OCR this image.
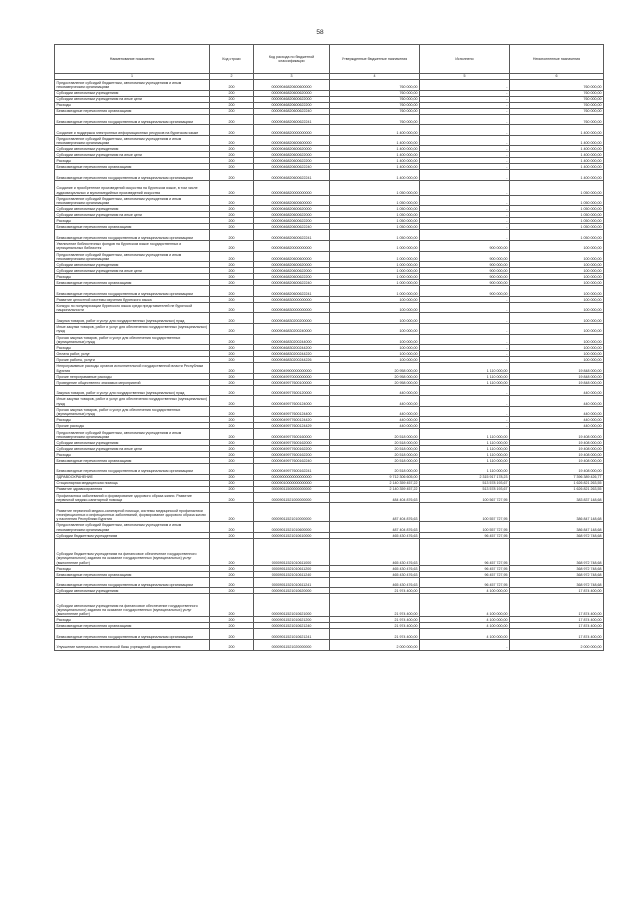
58
Наименование показателя	Код строки	Код расхода по бюджетной классификации	Утвержденные бюджетные назначения	Исполнено	Неисполненные назначения
1	2	3	4	5	6
Предоставление субсидий бюджетным, автономным учреждениям и иным некоммерческим организациям	200	00009046820600600000	760 000,00	-	760 000,00
Субсидии автономным учреждениям	200	00009046820600620000	760 000,00	-	760 000,00
Субсидии автономным учреждениям на иные цели	200	00009046820600622000	760 000,00	-	760 000,00
Расходы	200	00009046820600622200	760 000,00	-	760 000,00
Безвозмездные перечисления организациям	200	00009046820600622240	760 000,00	-	760 000,00
Безвозмездные перечисления государственным и муниципальным организациям	200	00009046820600622241	760 000,00	-	760 000,00
Создание и поддержка электронных информационных ресурсов на бурятском языке	200	00009046820000000000	1 400 000,00	-	1 400 000,00
Предоставление субсидий бюджетным, автономным учреждениям и иным некоммерческим организациям	200	00009046820600600000	1 400 000,00	-	1 400 000,00
Субсидии автономным учреждениям	200	00009046820600620000	1 400 000,00	-	1 400 000,00
Субсидии автономным учреждениям на иные цели	200	00009046820600622000	1 400 000,00	-	1 400 000,00
Расходы	200	00009046820600622200	1 400 000,00	-	1 400 000,00
Безвозмездные перечисления организациям	200	00009046820600622240	1 400 000,00	-	1 400 000,00
Безвозмездные перечисления государственным и муниципальным организациям	200	00009046820600622241	1 400 000,00	-	1 400 000,00
Создание и приобретение произведений искусства на бурятском языке, в том числе аудиовизуальных и мультимедийных произведений искусства	200	00009046820000000000	1 050 000,00	-	1 050 000,00
Предоставление субсидий бюджетным, автономным учреждениям и иным некоммерческим организациям	200	00009046820600600000	1 050 000,00	-	1 050 000,00
Субсидии автономным учреждениям	200	00009046820600620000	1 050 000,00	-	1 050 000,00
Субсидии автономным учреждениям на иные цели	200	00009046820600622000	1 050 000,00	-	1 050 000,00
Расходы	200	00009046820600622200	1 050 000,00	-	1 050 000,00
Безвозмездные перечисления организациям	200	00009046820600622240	1 050 000,00	-	1 050 000,00
Безвозмездные перечисления государственным и муниципальным организациям	200	00009046820600622241	1 050 000,00	-	1 050 000,00
Увеличение библиотечных фондов на бурятском языке государственных и муниципальных библиотек	200	00009046820000000000	1 000 000,00	900 000,00	100 000,00
Предоставление субсидий бюджетным, автономным учреждениям и иным некоммерческим организациям	200	00009046820600600000	1 000 000,00	900 000,00	100 000,00
Субсидии автономным учреждениям	200	00009046820600620000	1 000 000,00	900 000,00	100 000,00
Субсидии автономным учреждениям на иные цели	200	00009046820600622000	1 000 000,00	900 000,00	100 000,00
Расходы	200	00009046820600622200	1 000 000,00	900 000,00	100 000,00
Безвозмездные перечисления организациям	200	00009046820600622240	1 000 000,00	900 000,00	100 000,00
Безвозмездные перечисления государственным и муниципальным организациям	200	00009046820600622241	1 000 000,00	900 000,00	100 000,00
Развитие целостной системы изучения бурятского языка	200	00009046830000000000	100 000,00	-	100 000,00
Конкурс по популяризации бурятского языка среди представителей не бурятской национальности	200	00009046830000000000	100 000,00	-	100 000,00
Закупка товаров, работ и услуг для государственных (муниципальных) нужд	200	00009046830200200000	100 000,00	-	100 000,00
Иные закупки товаров, работ и услуг для обеспечения государственных (муниципальных) нужд	200	00009046830200240000	100 000,00	-	100 000,00
Прочая закупка товаров, работ и услуг для обеспечения государственных (муниципальных) нужд	200	00009046830200244000	100 000,00	-	100 000,00
Расходы	200	00009046830200244200	100 000,00	-	100 000,00
Оплата работ, услуг	200	00009046830200244220	100 000,00	-	100 000,00
Прочие работы, услуги	200	00009046830200244226	100 000,00	-	100 000,00
Непрограммные расходы органов исполнительной государственной власти Республики Бурятия	200	00009049900000000000	20 958 000,00	1 110 000,00	19 848 000,00
Прочие непрограммные расходы	200	00009049970000000000	20 958 000,00	1 110 000,00	19 848 000,00
Проведение общественно значимых мероприятий	200	00009049977600100000	20 958 000,00	1 110 000,00	19 848 000,00
Закупка товаров, работ и услуг для государственных (муниципальных) нужд	200	00009049977600120000	440 000,00	-	440 000,00
Иные закупки товаров, работ и услуг для обеспечения государственных (муниципальных) нужд	200	00009049977600124000	440 000,00	-	440 000,00
Прочая закупка товаров, работ и услуг для обеспечения государственных (муниципальных) нужд	200	00009049977600124400	440 000,00	-	440 000,00
Расходы	200	00009049977600124420	440 000,00	-	440 000,00
Прочие расходы	200	00009049977600124429	440 000,00	-	440 000,00
Предоставление субсидий бюджетным, автономным учреждениям и иным некоммерческим организациям	200	00009049977600160000	20 518 000,00	1 110 000,00	19 408 000,00
Субсидии автономным учреждениям	200	00009049977600162000	20 518 000,00	1 110 000,00	19 408 000,00
Субсидии автономным учреждениям на иные цели	200	00009049977600162200	20 518 000,00	1 110 000,00	19 408 000,00
Расходы	200	00009049977600162200	20 518 000,00	1 110 000,00	19 408 000,00
Безвозмездные перечисления организациям	200	00009049977600162240	20 518 000,00	1 110 000,00	19 408 000,00
Безвозмездные перечисления государственным и муниципальным организациям	200	00009049977600162241	20 518 000,00	1 110 000,00	19 408 000,00
ЗДРАВООХРАНЕНИЕ	200	00009000000000000000	9 712 306 605,00	2 315 917 178,23	7 396 389 426,77
Стационарная медицинская помощь	200	00009010000000000000	2 140 359 457,22	513 578 193,67	1 626 821 263,55
Развитие здравоохранения	200	00009011500000000000	2 140 359 457,22	513 578 193,67	1 626 821 263,55
Профилактика заболеваний и формирование здорового образа жизни. Развитие первичной медико-санитарной помощи	200	00009011521000000000	484 404 876,63	100 567 727,95	383 837 148,68
Развитие первичной медико-санитарной помощи, системы медицинской профилактики неинфекционных и инфекционных заболеваний, формирование здорового образа жизни у населения Республики Бурятия	200	00009011521010000000	487 404 876,63	100 557 727,95	386 847 148,68
Предоставление субсидий бюджетным, автономным учреждениям и иным некоммерческим организациям	200	00009011521010600000	487 404 876,63	100 557 727,95	386 847 148,68
Субсидии бюджетным учреждениям	200	00009011521010610000	465 430 476,63	96 457 727,95	368 972 748,68
Субсидии бюджетным учреждениям на финансовое обеспечение государственного (муниципального) задания на оказание государственных (муниципальных) услуг (выполнение работ)	200	00009011521010611000	465 430 476,63	96 457 727,95	368 972 748,68
Расходы	200	00009011521010611200	465 430 476,63	96 457 727,95	368 972 748,68
Безвозмездные перечисления организациям	200	00009011521010611240	465 430 476,63	96 457 727,95	368 972 748,68
Безвозмездные перечисления государственным и муниципальным организациям	200	00009011521010611241	465 430 476,63	96 457 727,95	368 972 748,68
Субсидии автономным учреждениям	200	00009011521010620000	21 974 400,00	4 100 000,00	17 874 400,00
Субсидии автономным учреждениям на финансовое обеспечение государственного (муниципального) задания на оказание государственных (муниципальных) услуг (выполнение работ)	200	00009011521010621000	21 974 400,00	4 100 000,00	17 874 400,00
Расходы	200	00009011521010621200	21 974 400,00	4 100 000,00	17 874 400,00
Безвозмездные перечисления организациям	200	00009011521010621240	21 974 400,00	4 100 000,00	17 874 400,00
Безвозмездные перечисления государственным и муниципальным организациям	200	00009011521010621241	21 974 400,00	4 100 000,00	17 874 400,00
Улучшение материально-технической базы учреждений здравоохранения	200	00009011521020000000	2 000 000,00	-	2 000 000,00
